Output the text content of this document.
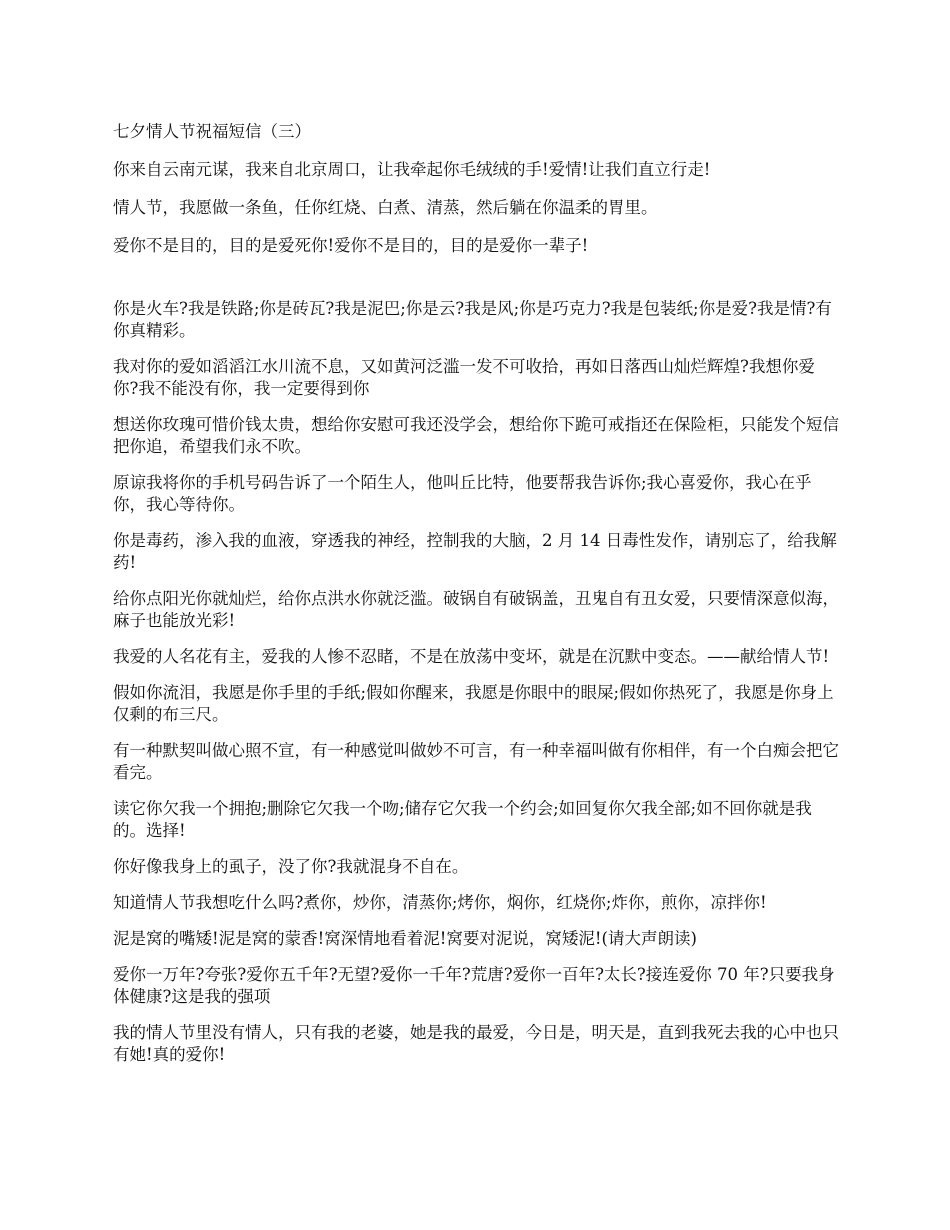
七夕情人节祝福短信（三）

你来自云南元谋，我来自北京周口，让我牵起你毛绒绒的手!爱情!让我们直立行走!

情人节，我愿做一条鱼，任你红烧、白煮、清蒸，然后躺在你温柔的胃里。

爱你不是目的，目的是爱死你!爱你不是目的，目的是爱你一辈子!

你是火车?我是铁路;你是砖瓦?我是泥巴;你是云?我是风;你是巧克力?我是包装纸;你是爱?我是情?有你真精彩。

我对你的爱如滔滔江水川流不息，又如黄河泛滥一发不可收拾，再如日落西山灿烂辉煌?我想你爱你?我不能没有你，我一定要得到你

想送你玫瑰可惜价钱太贵，想给你安慰可我还没学会，想给你下跪可戒指还在保险柜，只能发个短信把你追，希望我们永不吹。

原谅我将你的手机号码告诉了一个陌生人，他叫丘比特，他要帮我告诉你;我心喜爱你，我心在乎你，我心等待你。

你是毒药，渗入我的血液，穿透我的神经，控制我的大脑，2 月 14 日毒性发作，请别忘了，给我解药!

给你点阳光你就灿烂，给你点洪水你就泛滥。破锅自有破锅盖，丑鬼自有丑女爱，只要情深意似海，麻子也能放光彩!

我爱的人名花有主，爱我的人惨不忍睹，不是在放荡中变坏，就是在沉默中变态。——献给情人节!

假如你流泪，我愿是你手里的手纸;假如你醒来，我愿是你眼中的眼屎;假如你热死了，我愿是你身上仅剩的布三尺。

有一种默契叫做心照不宣，有一种感觉叫做妙不可言，有一种幸福叫做有你相伴，有一个白痴会把它看完。

读它你欠我一个拥抱;删除它欠我一个吻;储存它欠我一个约会;如回复你欠我全部;如不回你就是我的。选择!

你好像我身上的虱子，没了你?我就混身不自在。

知道情人节我想吃什么吗?煮你，炒你，清蒸你;烤你，焖你，红烧你;炸你，煎你，凉拌你!

泥是窝的嘴矮!泥是窝的蒙香!窝深情地看着泥!窝要对泥说，窝矮泥!(请大声朗读)

爱你一万年?夸张?爱你五千年?无望?爱你一千年?荒唐?爱你一百年?太长?接连爱你 70 年?只要我身体健康?这是我的强项

我的情人节里没有情人，只有我的老婆，她是我的最爱，今日是，明天是，直到我死去我的心中也只有她!真的爱你!
